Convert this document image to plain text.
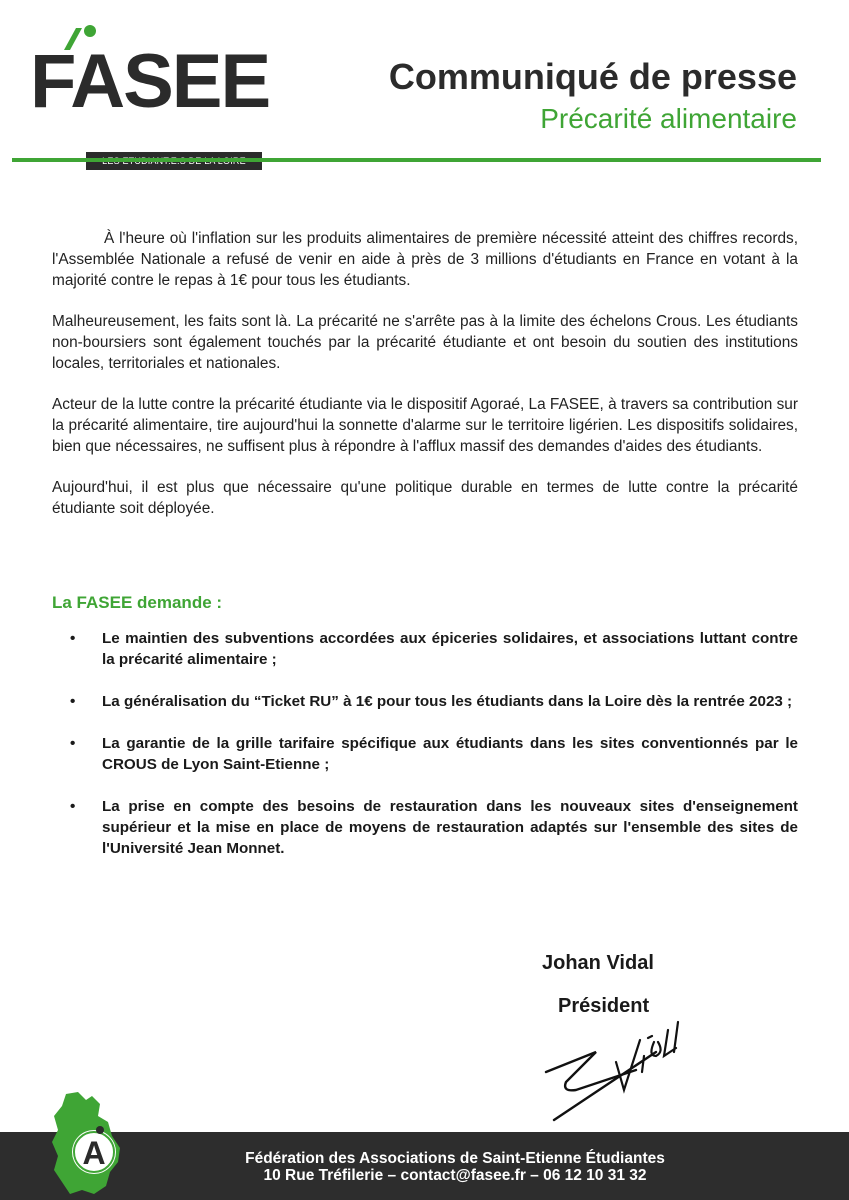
FASEE	Communiqué de presse
Précarité alimentaire

À l'heure où l'inflation sur les produits alimentaires de première nécessité atteint des chiffres records, l'Assemblée Nationale a refusé de venir en aide à près de 3 millions d'étudiants en France en votant à la majorité contre le repas à 1€ pour tous les étudiants.

Malheureusement, les faits sont là. La précarité ne s'arrête pas à la limite des échelons Crous. Les étudiants non-boursiers sont également touchés par la précarité étudiante et ont besoin du soutien des institutions locales, territoriales et nationales.

Acteur de la lutte contre la précarité étudiante via le dispositif Agoraé, La FASEE, à travers sa contribution sur la précarité alimentaire, tire aujourd'hui la sonnette d'alarme sur le territoire ligérien. Les dispositifs solidaires, bien que nécessaires, ne suffisent plus à répondre à l'afflux massif des demandes d'aides des étudiants.

Aujourd'hui, il est plus que nécessaire qu'une politique durable en termes de lutte contre la précarité étudiante soit déployée.

La FASEE demande :
• Le maintien des subventions accordées aux épiceries solidaires, et associations luttant contre la précarité alimentaire ;
• La généralisation du “Ticket RU” à 1€ pour tous les étudiants dans la Loire dès la rentrée 2023 ;
• La garantie de la grille tarifaire spécifique aux étudiants dans les sites conventionnés par le CROUS de Lyon Saint-Etienne ;
• La prise en compte des besoins de restauration dans les nouveaux sites d'enseignement supérieur et la mise en place de moyens de restauration adaptés sur l'ensemble des sites de l'Université Jean Monnet.
Johan Vidal
Président
A	Fédération des Associations de Saint-Etienne Étudiantes
10 Rue Tréfilerie – contact@fasee.fr – 06 12 10 31 32
